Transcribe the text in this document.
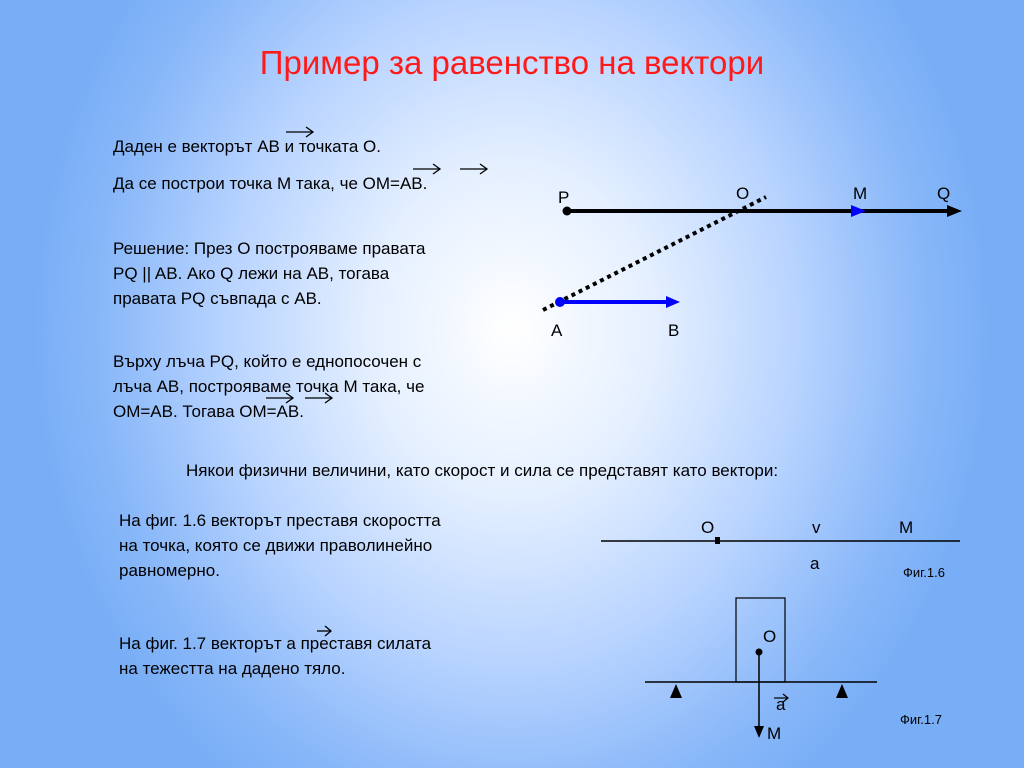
Пример за равенство на вектори
Даден е векторът AB и точката O.
Да се построи точка M така, че OM=AB.
Решение: През O построяваме правата
PQ || AB. Ако Q лежи на AB, тогава
правата PQ съвпада с AB.
Върху лъча PQ, който е еднопосочен с
лъча AB, построяваме точка M така, че
OM=AB. Тогава OM=AB.
Някои физични величини, като скорост и сила се представят като вектори:
На фиг. 1.6 векторът преставя скоростта
на точка, която се движи праволинейно
равномерно.
На фиг. 1.7 векторът a преставя силата
на тежестта на дадено тяло.
P	O	M	Q
A	B
O	v	M
a	Фиг.1.6
O
a
M
Фиг.1.7
